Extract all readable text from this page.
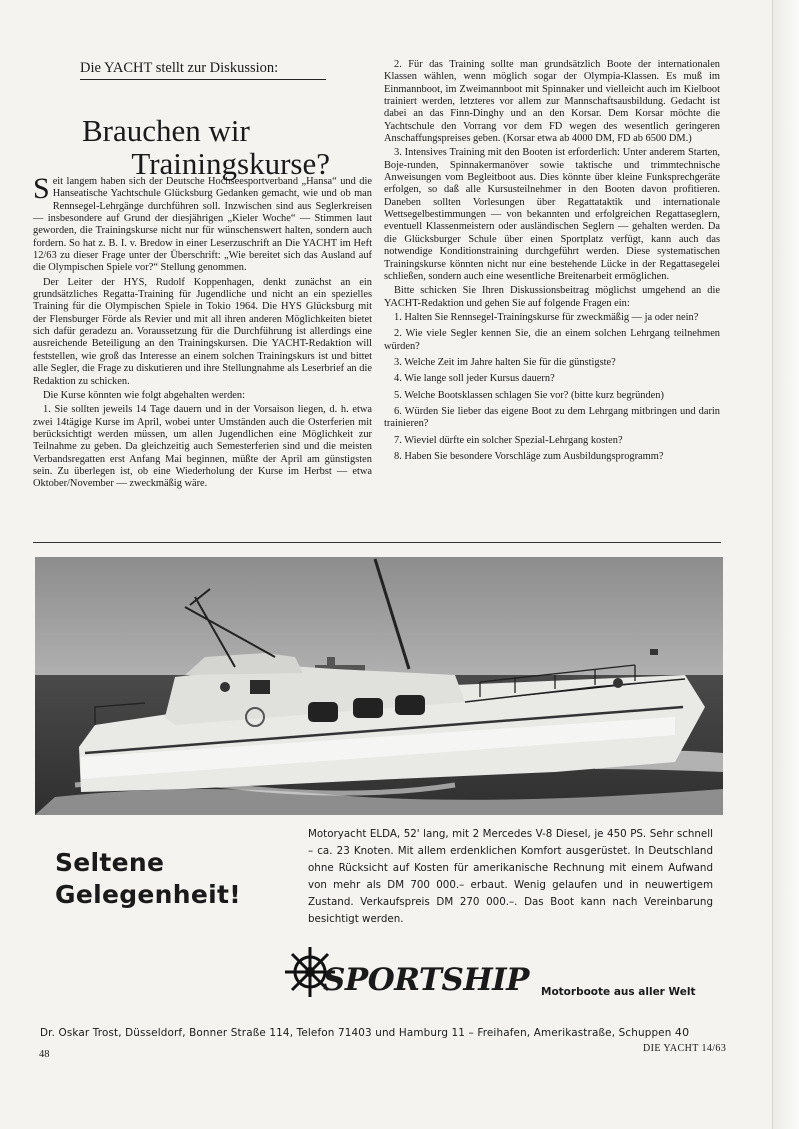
Die YACHT stellt zur Diskussion:
Brauchen wir
Trainingskurse?

Seit langem haben sich der Deutsche Hochseesportverband „Hansa“ und die Hanseatische Yachtschule Glücksburg Gedanken gemacht, wie und ob man Rennsegel-Lehrgänge durchführen soll. Inzwischen sind aus Seglerkreisen — insbesondere auf Grund der diesjährigen „Kieler Woche“ — Stimmen laut geworden, die Trainingskurse nicht nur für wünschenswert halten, sondern auch fordern. So hat z. B. I. v. Bredow in einer Leserzuschrift an Die YACHT im Heft 12/63 zu dieser Frage unter der Überschrift: „Wie bereitet sich das Ausland auf die Olympischen Spiele vor?“ Stellung genommen.

Der Leiter der HYS, Rudolf Koppenhagen, denkt zunächst an ein grundsätzliches Regatta-Training für Jugendliche und nicht an ein spezielles Training für die Olympischen Spiele in Tokio 1964. Die HYS Glücksburg mit der Flensburger Förde als Revier und mit all ihren anderen Möglichkeiten bietet sich dafür geradezu an. Voraussetzung für die Durchführung ist allerdings eine ausreichende Beteiligung an den Trainingskursen. Die YACHT-Redaktion will feststellen, wie groß das Interesse an einem solchen Trainingskurs ist und bittet alle Segler, die Frage zu diskutieren und ihre Stellungnahme als Leserbrief an die Redaktion zu schicken.

Die Kurse könnten wie folgt abgehalten werden:

1. Sie sollten jeweils 14 Tage dauern und in der Vorsaison liegen, d. h. etwa zwei 14tägige Kurse im April, wobei unter Umständen auch die Osterferien mit berücksichtigt werden müssen, um allen Jugendlichen eine Möglichkeit zur Teilnahme zu geben. Da gleichzeitig auch Semesterferien sind und die meisten Verbandsregatten erst Anfang Mai beginnen, müßte der April am günstigsten sein. Zu überlegen ist, ob eine Wiederholung der Kurse im Herbst — etwa Oktober/November — zweckmäßig wäre.

2. Für das Training sollte man grundsätzlich Boote der internationalen Klassen wählen, wenn möglich sogar der Olympia-Klassen. Es muß im Einmannboot, im Zweimannboot mit Spinnaker und vielleicht auch im Kielboot trainiert werden, letzteres vor allem zur Mannschaftsausbildung. Gedacht ist dabei an das Finn-Dinghy und an den Korsar. Dem Korsar möchte die Yachtschule den Vorrang vor dem FD wegen des wesentlich geringeren Anschaffungspreises geben. (Korsar etwa ab 4000 DM, FD ab 6500 DM.)

3. Intensives Training mit den Booten ist erforderlich: Unter anderem Starten, Boje-runden, Spinnakermanöver sowie taktische und trimmtechnische Anweisungen vom Begleitboot aus. Dies könnte über kleine Funksprechgeräte erfolgen, so daß alle Kursusteilnehmer in den Booten davon profitieren. Daneben sollten Vorlesungen über Regattataktik und internationale Wettsegelbestimmungen — von bekannten und erfolgreichen Regattaseglern, eventuell Klassenmeistern oder ausländischen Seglern — gehalten werden. Da die Glücksburger Schule über einen Sportplatz verfügt, kann auch das notwendige Konditionstraining durchgeführt werden. Diese systematischen Trainingskurse könnten nicht nur eine bestehende Lücke in der Regattasegelei schließen, sondern auch eine wesentliche Breitenarbeit ermöglichen.

Bitte schicken Sie Ihren Diskussionsbeitrag möglichst umgehend an die YACHT-Redaktion und gehen Sie auf folgende Fragen ein:

1. Halten Sie Rennsegel-Trainingskurse für zweckmäßig — ja oder nein?

2. Wie viele Segler kennen Sie, die an einem solchen Lehrgang teilnehmen würden?

3. Welche Zeit im Jahre halten Sie für die günstigste?

4. Wie lange soll jeder Kursus dauern?

5. Welche Bootsklassen schlagen Sie vor? (bitte kurz begründen)

6. Würden Sie lieber das eigene Boot zu dem Lehrgang mitbringen und darin trainieren?

7. Wieviel dürfte ein solcher Spezial-Lehrgang kosten?

8. Haben Sie besondere Vorschläge zum Ausbildungsprogramm?

Seltene
Gelegenheit!
Motoryacht ELDA, 52' lang, mit 2 Mercedes V-8 Diesel, je 450 PS. Sehr schnell – ca. 23 Knoten. Mit allem erdenklichen Komfort ausgerüstet. In Deutschland ohne Rücksicht auf Kosten für amerikanische Rechnung mit einem Aufwand von mehr als DM 700 000.– erbaut. Wenig gelaufen und in neuwertigem Zustand. Verkaufspreis DM 270 000.–. Das Boot kann nach Vereinbarung besichtigt werden.
SPORTSHIP Motorboote aus aller Welt
Dr. Oskar Trost, Düsseldorf, Bonner Straße 114, Telefon 71403 und Hamburg 11 – Freihafen, Amerikastraße, Schuppen 40
48
DIE YACHT 14/63
